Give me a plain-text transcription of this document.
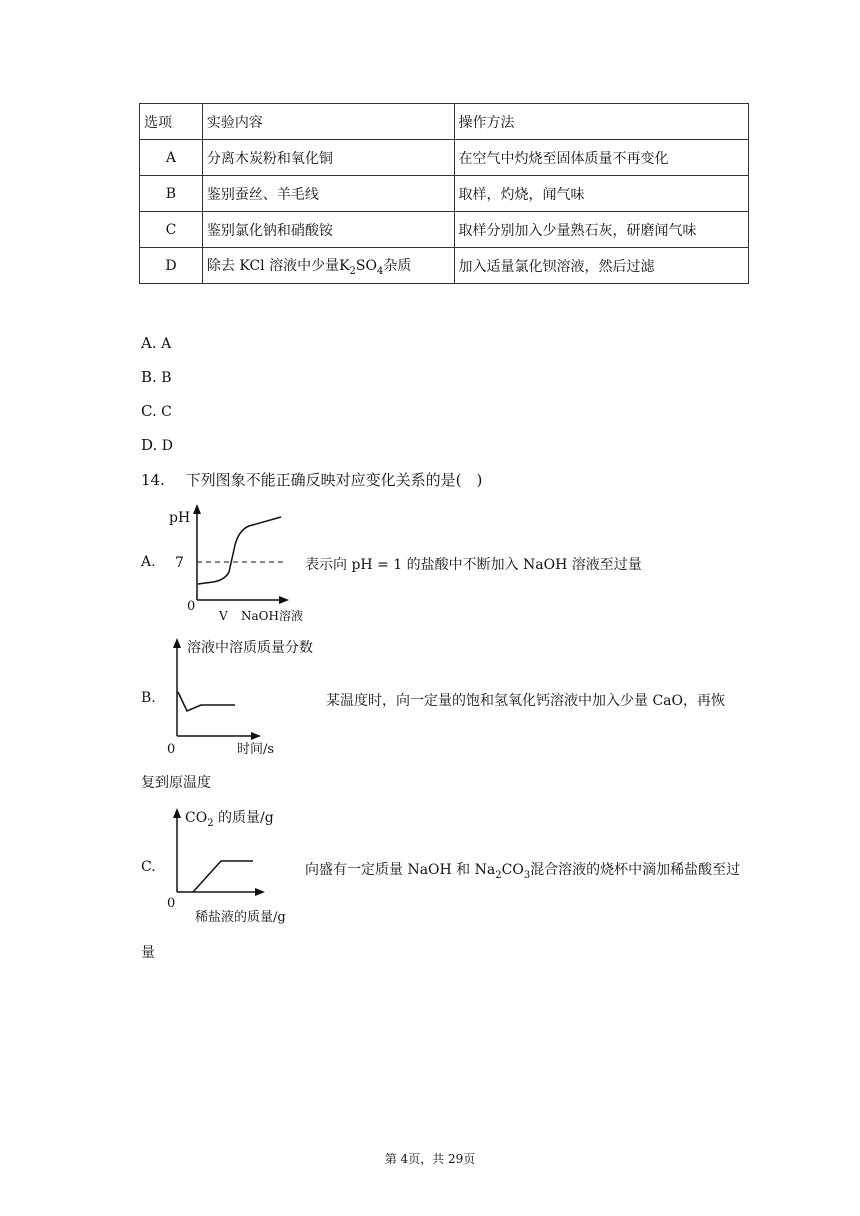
选项	实验内容	操作方法
A	分离木炭粉和氧化铜	在空气中灼烧至固体质量不再变化
B	鉴别蚕丝、羊毛线	取样，灼烧，闻气味
C	鉴别氯化钠和硝酸铵	取样分别加入少量熟石灰，研磨闻气味
D	除去 KCl 溶液中少量$K_2SO_4$杂质	加入适量氯化钡溶液，然后过滤
A. A
B. B
C. C
D. D
14. 下列图象不能正确反映对应变化关系的是(　)
A.
pH
7
0
V NaOH溶液
表示向 pH = 1 的盐酸中不断加入 NaOH 溶液至过量
B.
溶液中溶质质量分数
0	时间/s
某温度时，向一定量的饱和氢氧化钙溶液中加入少量 CaO，再恢
复到原温度
C.
$CO_2$ 的质量/g
0
稀盐液的质量/g
向盛有一定质量 NaOH 和 $Na_2CO_3$混合溶液的烧杯中滴加稀盐酸至过
量
第 4页，共 29页
